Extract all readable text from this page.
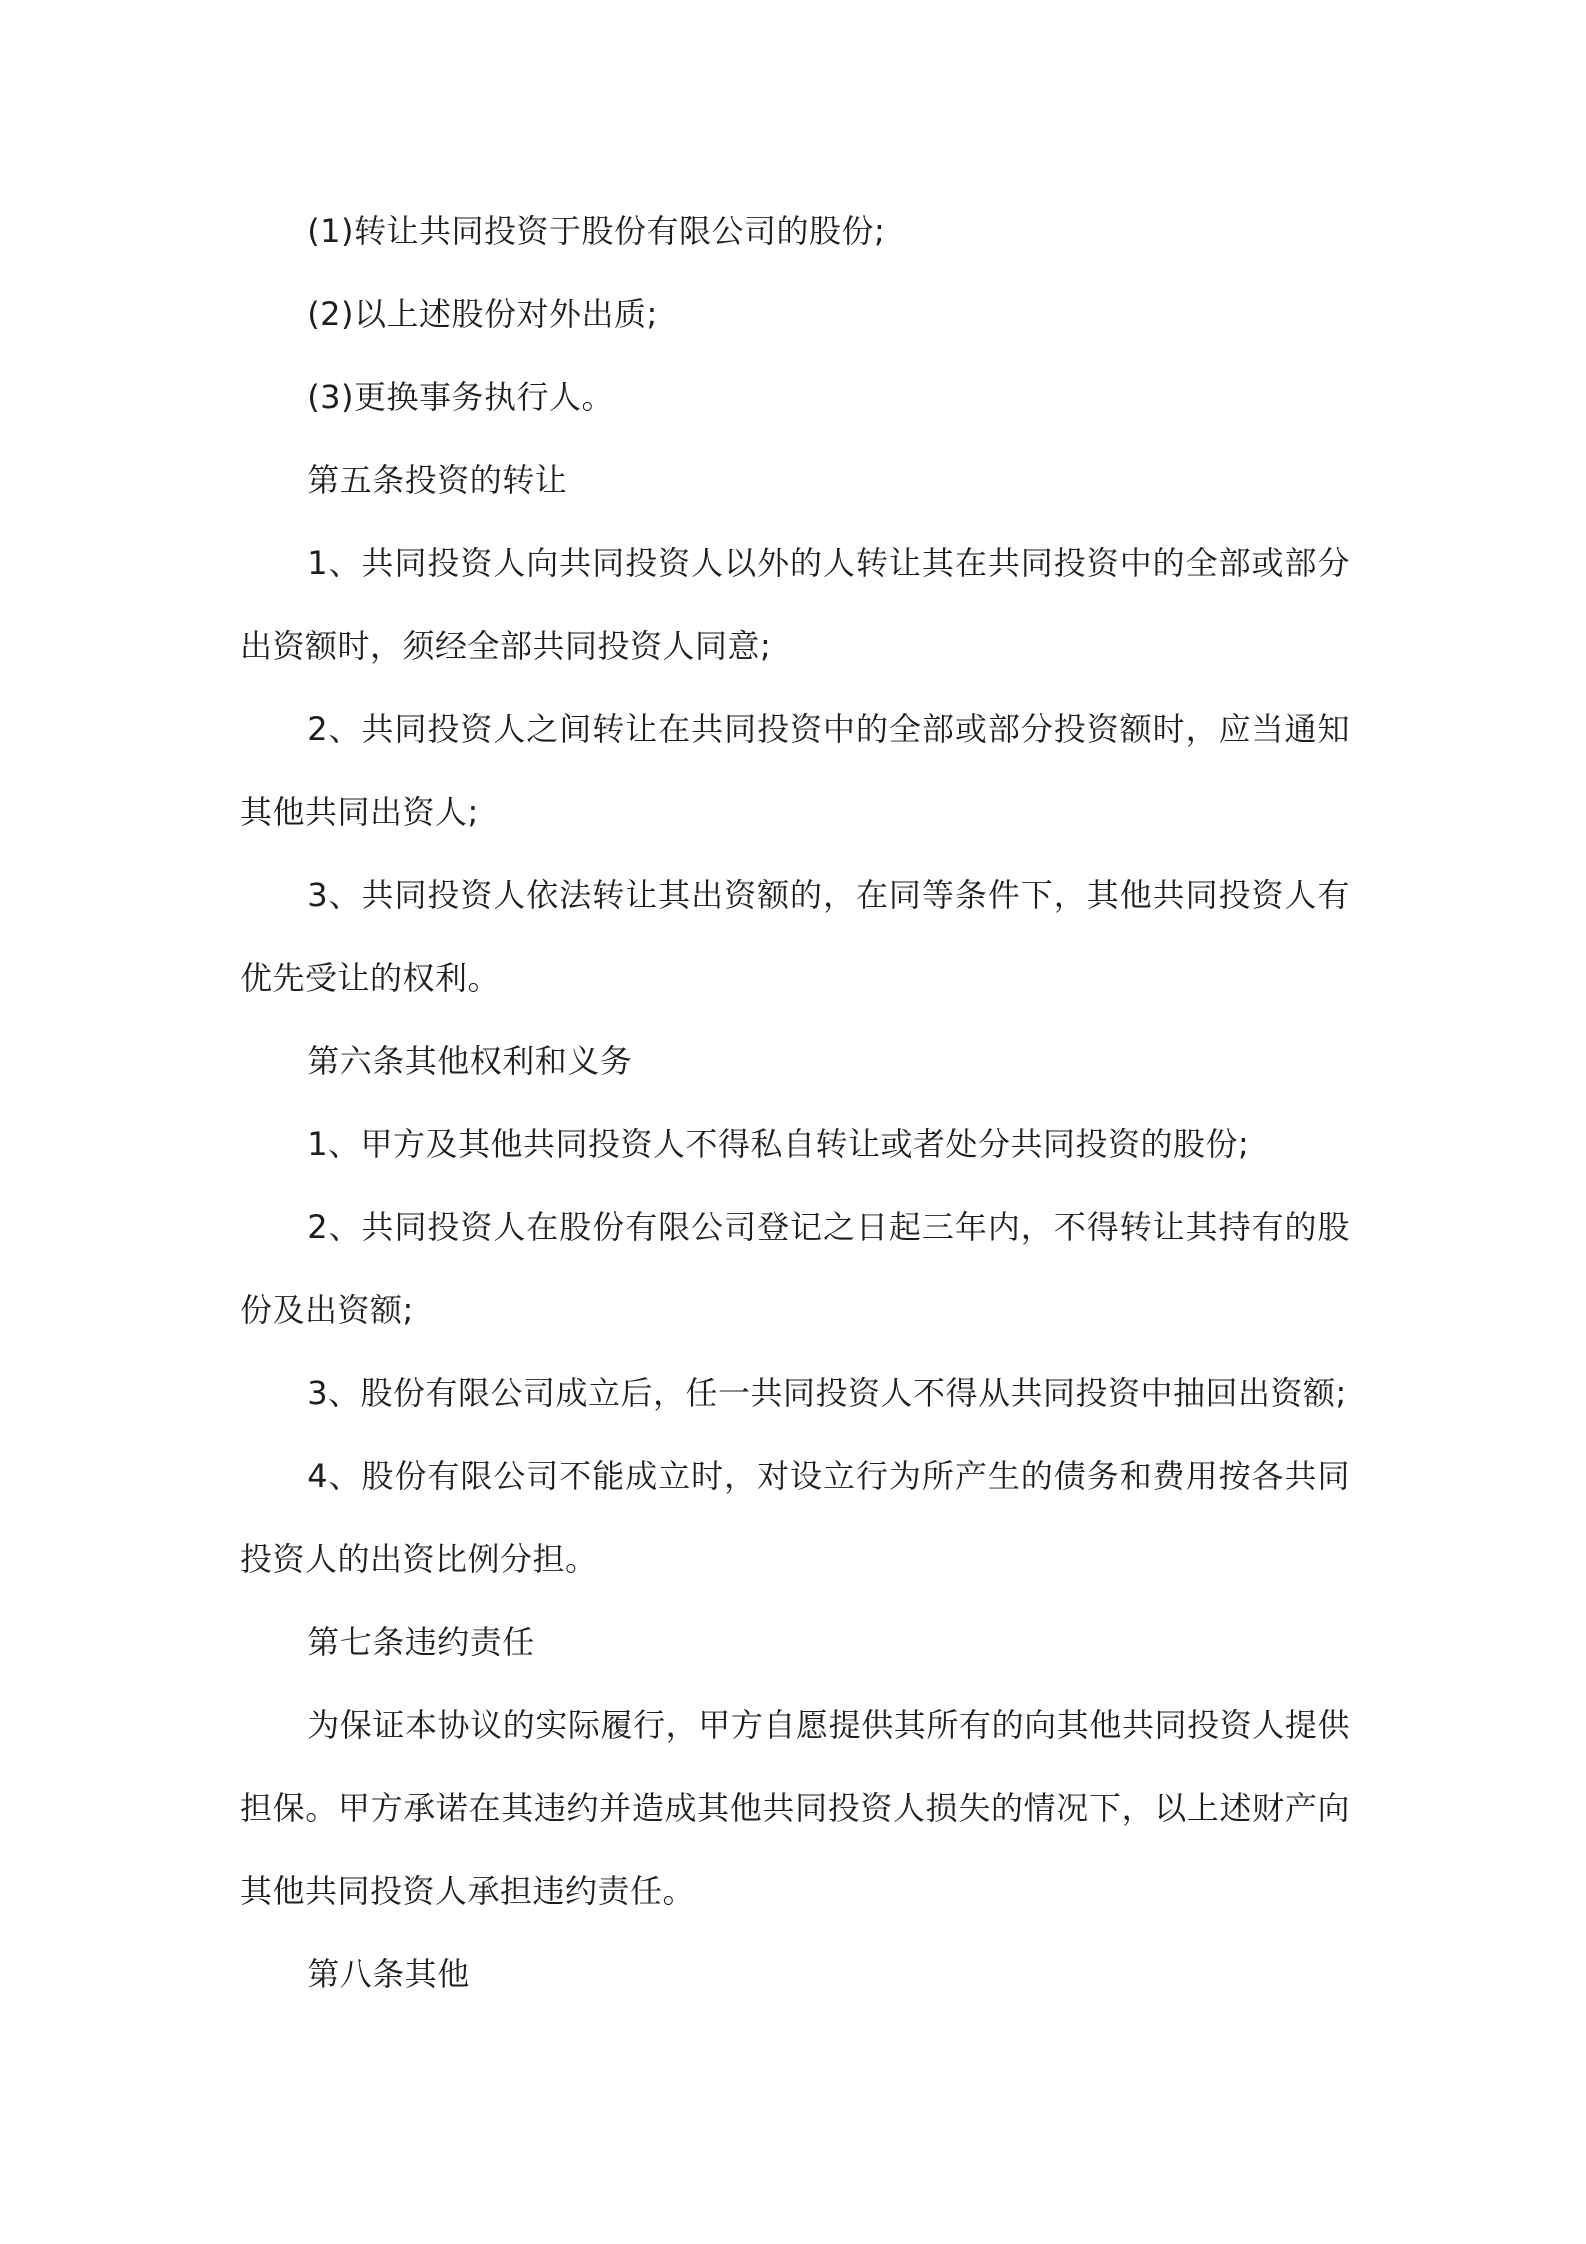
(1)转让共同投资于股份有限公司的股份;

(2)以上述股份对外出质;

(3)更换事务执行人。

第五条投资的转让

1、共同投资人向共同投资人以外的人转让其在共同投资中的全部或部分出资额时，须经全部共同投资人同意;

2、共同投资人之间转让在共同投资中的全部或部分投资额时，应当通知其他共同出资人;

3、共同投资人依法转让其出资额的，在同等条件下，其他共同投资人有优先受让的权利。

第六条其他权利和义务

1、甲方及其他共同投资人不得私自转让或者处分共同投资的股份;

2、共同投资人在股份有限公司登记之日起三年内，不得转让其持有的股份及出资额;

3、股份有限公司成立后，任一共同投资人不得从共同投资中抽回出资额;

4、股份有限公司不能成立时，对设立行为所产生的债务和费用按各共同投资人的出资比例分担。

第七条违约责任

为保证本协议的实际履行，甲方自愿提供其所有的向其他共同投资人提供担保。甲方承诺在其违约并造成其他共同投资人损失的情况下，以上述财产向其他共同投资人承担违约责任。

第八条其他
